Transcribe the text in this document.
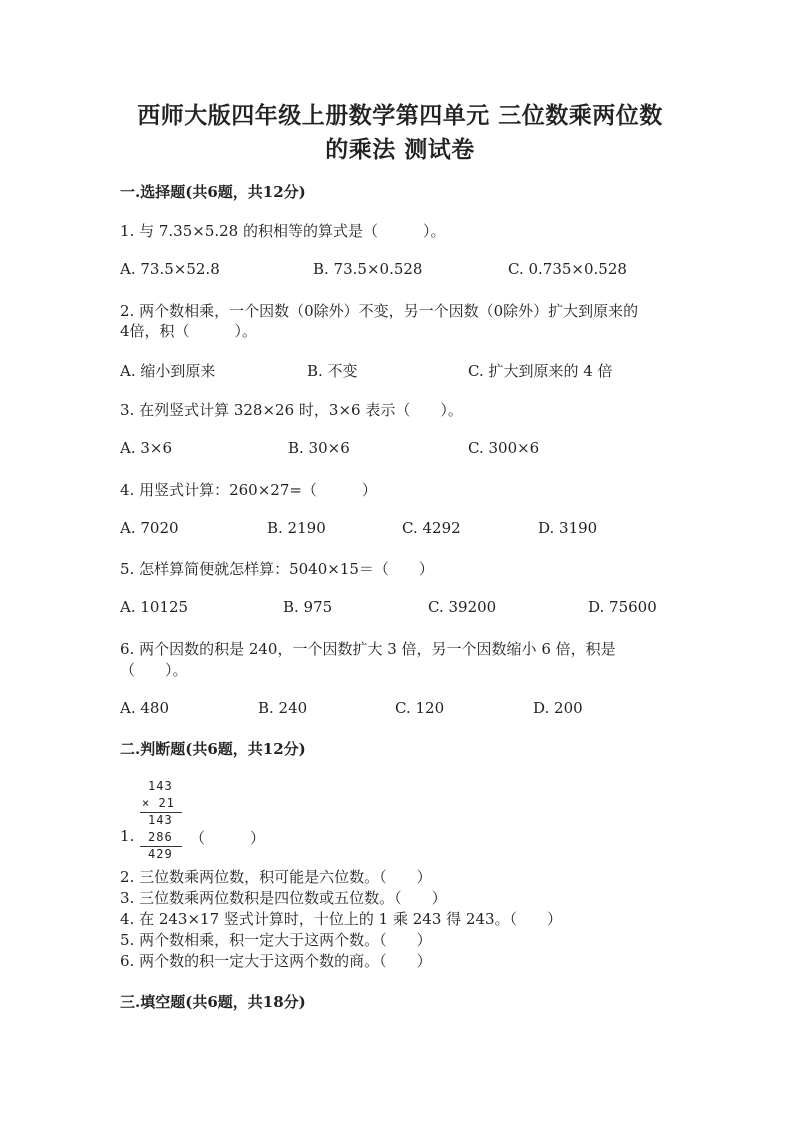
西师大版四年级上册数学第四单元 三位数乘两位数
的乘法 测试卷
一.选择题(共6题，共12分)
1. 与 7.35×5.28 的积相等的算式是（　　　）。
A. 73.5×52.8	B. 73.5×0.528	C. 0.735×0.528
2. 两个数相乘，一个因数（0除外）不变，另一个因数（0除外）扩大到原来的
4倍，积（　　　）。
A. 缩小到原来	B. 不变	C. 扩大到原来的 4 倍
3. 在列竖式计算 328×26 时，3×6 表示（　　）。
A. 3×6	B. 30×6	C. 300×6
4. 用竖式计算：260×27=（　　　）
A. 7020	B. 2190	C. 4292	D. 3190
5. 怎样算简便就怎样算：5040×15＝（　　）
A. 10125	B. 975	C. 39200	D. 75600
6. 两个因数的积是 240，一个因数扩大 3 倍，另一个因数缩小 6 倍，积是
（　　）。
A. 480	B. 240	C. 120	D. 200
二.判断题(共6题，共12分)
143
× 21
143
286
429
1.	（　　　）
2. 三位数乘两位数，积可能是六位数。（　　）
3. 三位数乘两位数积是四位数或五位数。（　　）
4. 在 243×17 竖式计算时，十位上的 1 乘 243 得 243。（　　）
5. 两个数相乘，积一定大于这两个数。（　　）
6. 两个数的积一定大于这两个数的商。（　　）
三.填空题(共6题，共18分)
